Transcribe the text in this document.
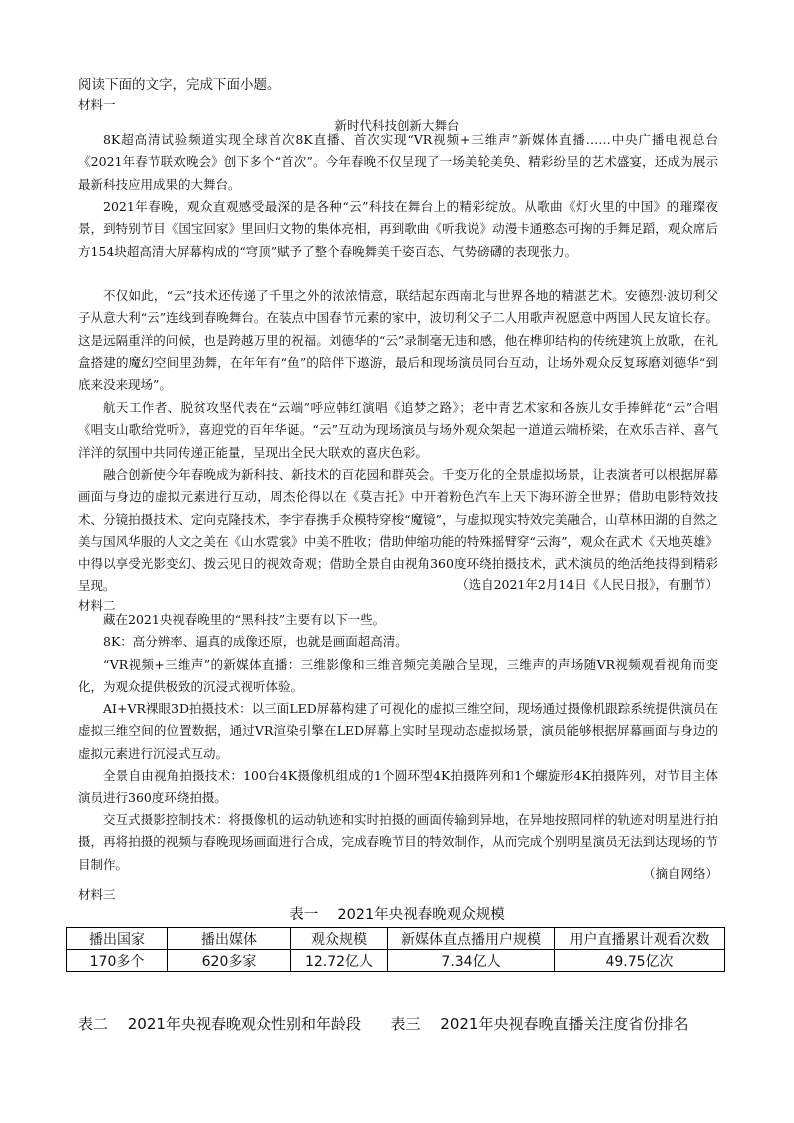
阅读下面的文字，完成下面小题。
材料一
新时代科技创新大舞台

8K超高清试验频道实现全球首次8K直播、首次实现“VR视频+三维声”新媒体直播……中央广播电视总台《2021年春节联欢晚会》创下多个“首次”。今年春晚不仅呈现了一场美轮美奂、精彩纷呈的艺术盛宴，还成为展示最新科技应用成果的大舞台。

2021年春晚，观众直观感受最深的是各种“云”科技在舞台上的精彩绽放。从歌曲《灯火里的中国》的璀璨夜景，到特别节目《国宝回家》里回归文物的集体亮相，再到歌曲《听我说》动漫卡通憨态可掬的手舞足蹈，观众席后方154块超高清大屏幕构成的“穹顶”赋予了整个春晚舞美千姿百态、气势磅礴的表现张力。

不仅如此，“云”技术还传递了千里之外的浓浓情意，联结起东西南北与世界各地的精湛艺术。安德烈·波切利父子从意大利“云”连线到春晚舞台。在装点中国春节元素的家中，波切利父子二人用歌声祝愿意中两国人民友谊长存。这是远隔重洋的问候，也是跨越万里的祝福。刘德华的“云”录制毫无违和感，他在榫卯结构的传统建筑上放歌，在礼盒搭建的魔幻空间里劲舞，在年年有“鱼”的陪伴下遨游，最后和现场演员同台互动，让场外观众反复琢磨刘德华“到底来没来现场”。

航天工作者、脱贫攻坚代表在“云端”呼应韩红演唱《追梦之路》；老中青艺术家和各族儿女手捧鲜花“云”合唱《唱支山歌给党听》，喜迎党的百年华诞。“云”互动为现场演员与场外观众架起一道道云端桥梁，在欢乐吉祥、喜气洋洋的氛围中共同传递正能量，呈现出全民大联欢的喜庆色彩。

融合创新使今年春晚成为新科技、新技术的百花园和群英会。千变万化的全景虚拟场景，让表演者可以根据屏幕画面与身边的虚拟元素进行互动，周杰伦得以在《莫吉托》中开着粉色汽车上天下海环游全世界；借助电影特效技术、分镜拍摄技术、定向克隆技术，李宇春携手众模特穿梭“魔镜”，与虚拟现实特效完美融合，山草林田湖的自然之美与国风华服的人文之美在《山水霓裳》中美不胜收；借助伸缩功能的特殊摇臂穿“云海”，观众在武术《天地英雄》中得以享受光影变幻、拨云见日的视效奇观；借助全景自由视角360度环绕拍摄技术，武术演员的绝活绝技得到精彩呈现。	（选自2021年2月14日《人民日报》，有删节）
材料二

藏在2021央视春晚里的“黑科技”主要有以下一些。

8K：高分辨率、逼真的成像还原，也就是画面超高清。

“VR视频+三维声”的新媒体直播：三维影像和三维音频完美融合呈现，三维声的声场随VR视频观看视角而变化，为观众提供极致的沉浸式视听体验。

AI+VR裸眼3D拍摄技术：以三面LED屏幕构建了可视化的虚拟三维空间，现场通过摄像机跟踪系统提供演员在虚拟三维空间的位置数据，通过VR渲染引擎在LED屏幕上实时呈现动态虚拟场景，演员能够根据屏幕画面与身边的虚拟元素进行沉浸式互动。

全景自由视角拍摄技术：100台4K摄像机组成的1个圆环型4K拍摄阵列和1个螺旋形4K拍摄阵列，对节目主体演员进行360度环绕拍摄。

交互式摄影控制技术：将摄像机的运动轨迹和实时拍摄的画面传输到异地，在异地按照同样的轨迹对明星进行拍摄，再将拍摄的视频与春晚现场画面进行合成，完成春晚节目的特效制作，从而完成个别明星演员无法到达现场的节目制作。

（摘自网络）
材料三
表一　 2021年央视春晚观众规模
播出国家	播出媒体	观众规模	新媒体直点播用户规模	用户直播累计观看次数
170多个	620多家	12.72亿人	7.34亿人	49.75亿次
表二　 2021年央视春晚观众性别和年龄段 表三　 2021年央视春晚直播关注度省份排名
